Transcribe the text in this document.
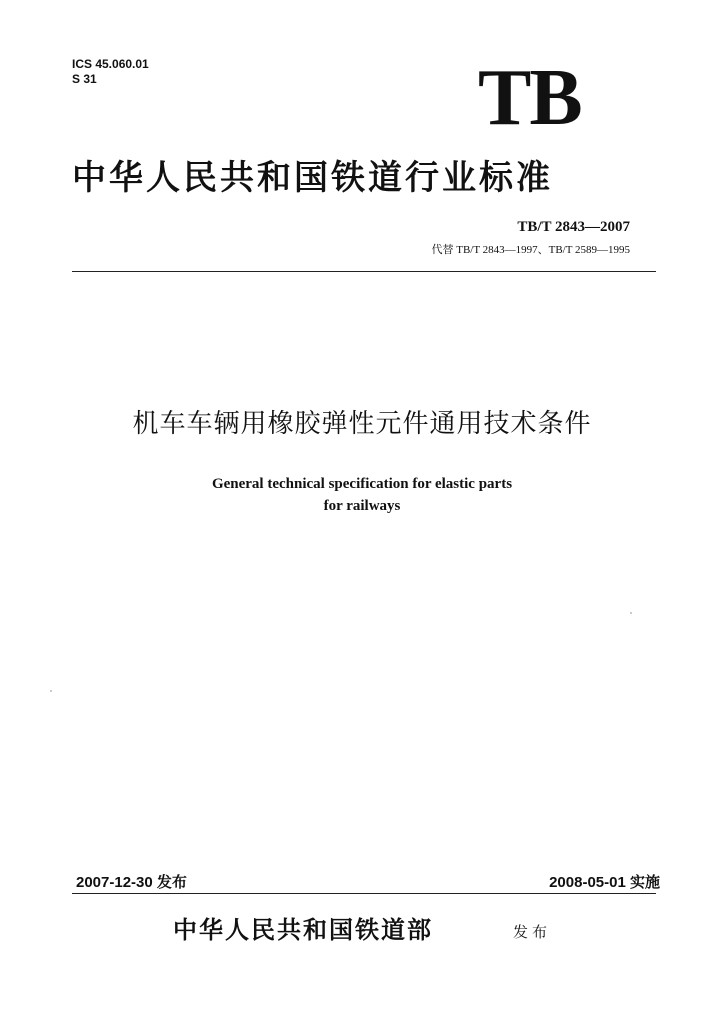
ICS 45.060.01
S 31	TB
中华人民共和国铁道行业标准
TB/T 2843—2007
代替 TB/T 2843—1997、TB/T 2589—1995
机车车辆用橡胶弹性元件通用技术条件
General technical specification for elastic parts
for railways
2007-12-30 发布	2008-05-01 实施
中华人民共和国铁道部	发布
